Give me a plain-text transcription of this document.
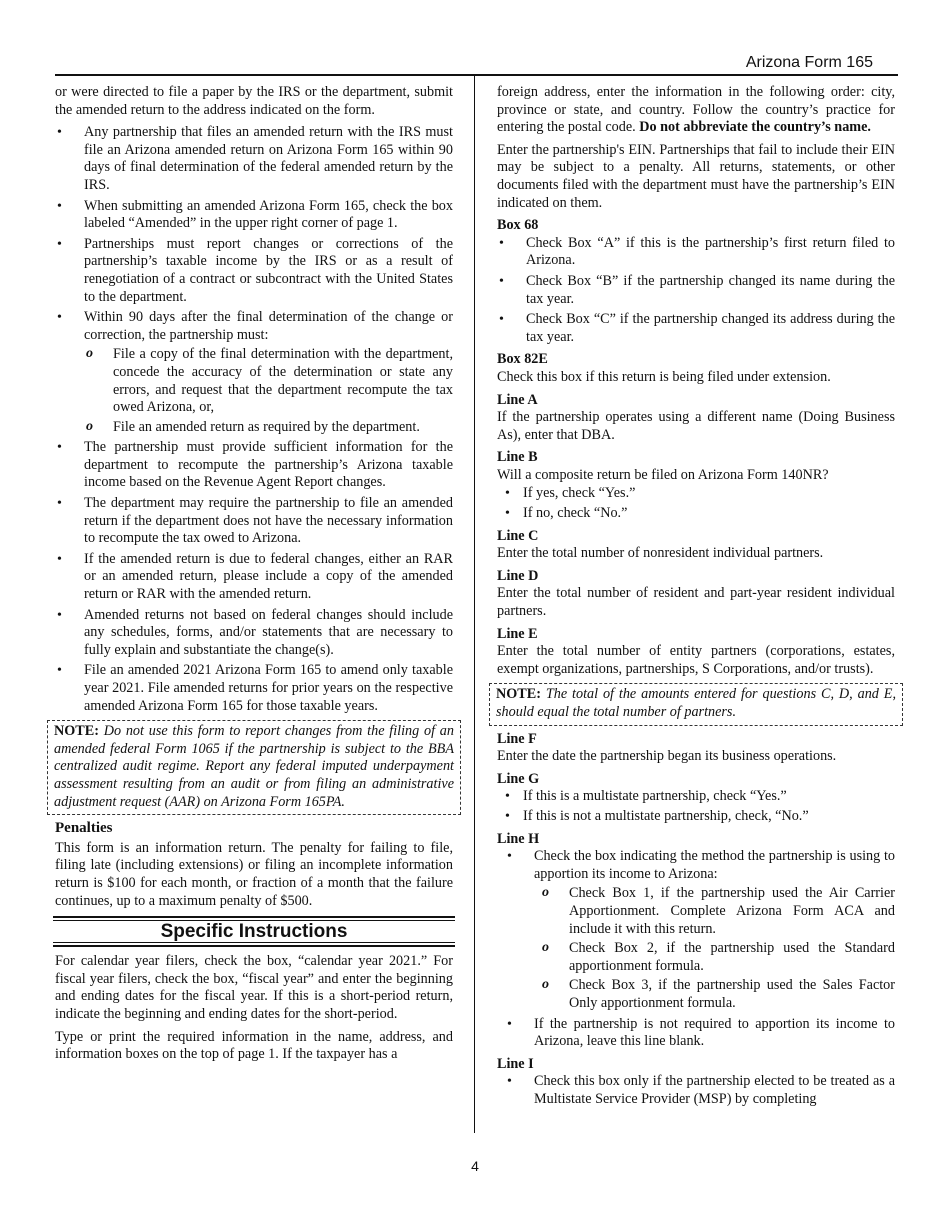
Arizona Form 165

or were directed to file a paper by the IRS or the department, submit the amended return to the address indicated on the form.

• Any partnership that files an amended return with the IRS must file an Arizona amended return on Arizona Form 165 within 90 days of final determination of the federal amended return by the IRS.
• When submitting an amended Arizona Form 165, check the box labeled “Amended” in the upper right corner of page 1.
• Partnerships must report changes or corrections of the partnership’s taxable income by the IRS or as a result of renegotiation of a contract or subcontract with the United States to the department.
• Within 90 days after the final determination of the change or correction, the partnership must:
o File a copy of the final determination with the department, concede the accuracy of the determination or state any errors, and request that the department recompute the tax owed Arizona, or,
o File an amended return as required by the department.
• The partnership must provide sufficient information for the department to recompute the partnership’s Arizona taxable income based on the Revenue Agent Report changes.
• The department may require the partnership to file an amended return if the department does not have the necessary information to recompute the tax owed to Arizona.
• If the amended return is due to federal changes, either an RAR or an amended return, please include a copy of the amended return or RAR with the amended return.
• Amended returns not based on federal changes should include any schedules, forms, and/or statements that are necessary to fully explain and substantiate the change(s).
• File an amended 2021 Arizona Form 165 to amend only taxable year 2021. File amended returns for prior years on the respective amended Arizona Form 165 for those taxable years.
NOTE: Do not use this form to report changes from the filing of an amended federal Form 1065 if the partnership is subject to the BBA centralized audit regime. Report any federal imputed underpayment assessment resulting from an audit or from filing an administrative adjustment request (AAR) on Arizona Form 165PA.
Penalties

This form is an information return. The penalty for failing to file, filing late (including extensions) or filing an incomplete information return is $100 for each month, or fraction of a month that the failure continues, up to a maximum penalty of $500.

Specific Instructions

For calendar year filers, check the box, “calendar year 2021.” For fiscal year filers, check the box, “fiscal year” and enter the beginning and ending dates for the fiscal year. If this is a short-period return, indicate the beginning and ending dates for the short-period.

Type or print the required information in the name, address, and information boxes on the top of page 1. If the taxpayer has a

foreign address, enter the information in the following order: city, province or state, and country. Follow the country’s practice for entering the postal code. Do not abbreviate the country’s name.

Enter the partnership's EIN. Partnerships that fail to include their EIN may be subject to a penalty. All returns, statements, or other documents filed with the department must have the partnership’s EIN indicated on them.

Box 68
• Check Box “A” if this is the partnership’s first return filed to Arizona.
• Check Box “B” if the partnership changed its name during the tax year.
• Check Box “C” if the partnership changed its address during the tax year.
Box 82E

Check this box if this return is being filed under extension.

Line A

If the partnership operates using a different name (Doing Business As), enter that DBA.

Line B

Will a composite return be filed on Arizona Form 140NR?

• If yes, check “Yes.”
• If no, check “No.”
Line C

Enter the total number of nonresident individual partners.

Line D

Enter the total number of resident and part-year resident individual partners.

Line E

Enter the total number of entity partners (corporations, estates, exempt organizations, partnerships, S Corporations, and/or trusts).

NOTE: The total of the amounts entered for questions C, D, and E, should equal the total number of partners.
Line F

Enter the date the partnership began its business operations.

Line G
• If this is a multistate partnership, check “Yes.”
• If this is not a multistate partnership, check, “No.”
Line H
• Check the box indicating the method the partnership is using to apportion its income to Arizona:
o Check Box 1, if the partnership used the Air Carrier Apportionment. Complete Arizona Form ACA and include it with this return.
o Check Box 2, if the partnership used the Standard apportionment formula.
o Check Box 3, if the partnership used the Sales Factor Only apportionment formula.
• If the partnership is not required to apportion its income to Arizona, leave this line blank.
Line I
• Check this box only if the partnership elected to be treated as a Multistate Service Provider (MSP) by completing
4
